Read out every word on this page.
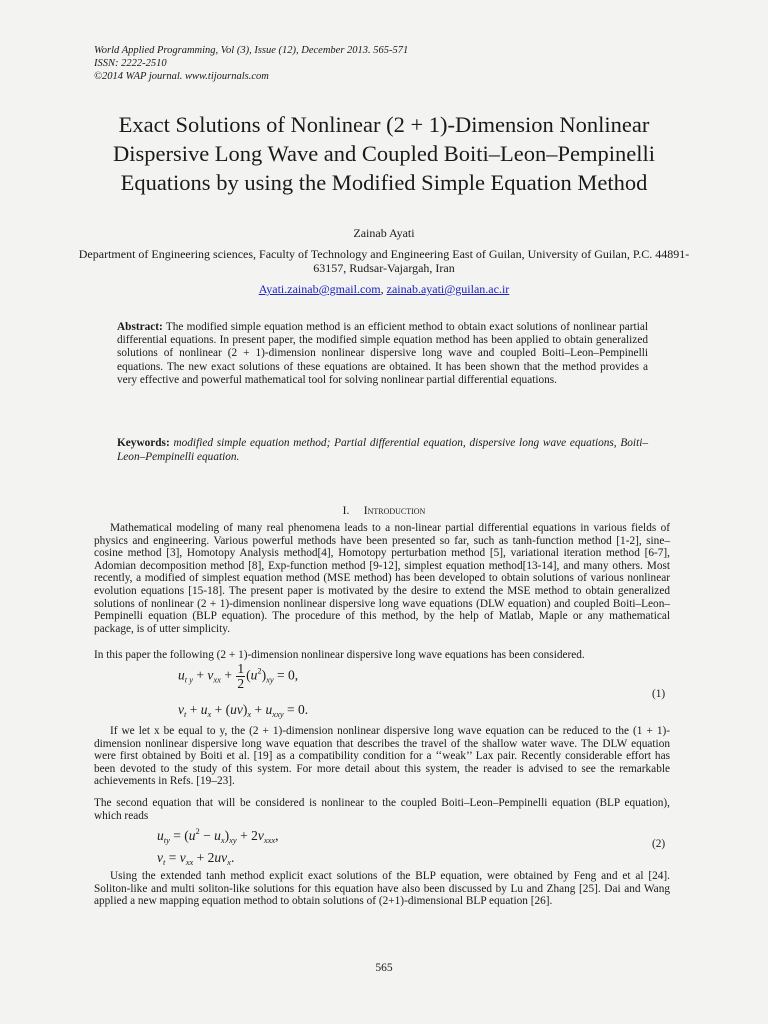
World Applied Programming, Vol (3), Issue (12), December 2013. 565-571
ISSN: 2222-2510
©2014 WAP journal. www.tijournals.com
Exact Solutions of Nonlinear (2 + 1)-Dimension Nonlinear
Dispersive Long Wave and Coupled Boiti–Leon–Pempinelli
Equations by using the Modified Simple Equation Method
Zainab Ayati
Department of Engineering sciences, Faculty of Technology and Engineering East of Guilan, University of Guilan, P.C. 44891-63157, Rudsar-Vajargah, Iran
Ayati.zainab@gmail.com, zainab.ayati@guilan.ac.ir
Abstract: The modified simple equation method is an efficient method to obtain exact solutions of nonlinear partial differential equations. In present paper, the modified simple equation method has been applied to obtain generalized solutions of nonlinear (2 + 1)-dimension nonlinear dispersive long wave and coupled Boiti–Leon–Pempinelli equations. The new exact solutions of these equations are obtained. It has been shown that the method provides a very effective and powerful mathematical tool for solving nonlinear partial differential equations.
Keywords: modified simple equation method; Partial differential equation, dispersive long wave equations, Boiti–Leon–Pempinelli equation.
I. Introduction
Mathematical modeling of many real phenomena leads to a non-linear partial differential equations in various fields of physics and engineering. Various powerful methods have been presented so far, such as tanh-function method [1-2], sine–cosine method [3], Homotopy Analysis method[4], Homotopy perturbation method [5], variational iteration method [6-7], Adomian decomposition method [8], Exp-function method [9-12], simplest equation method[13-14], and many others. Most recently, a modified of simplest equation method (MSE method) has been developed to obtain solutions of various nonlinear evolution equations [15-18]. The present paper is motivated by the desire to extend the MSE method to obtain generalized solutions of nonlinear (2 + 1)-dimension nonlinear dispersive long wave equations (DLW equation) and coupled Boiti–Leon–Pempinelli equation (BLP equation). The procedure of this method, by the help of Matlab, Maple or any mathematical package, is of utter simplicity.
In this paper the following (2 + 1)-dimension nonlinear dispersive long wave equations has been considered.
$u_{t y} + v_{xx} + \frac{1}{2} (u^2)_{xy} = 0$,
$v_t + u_x + (uv)_x + u_{xxy} = 0$.
(1)
If we let x be equal to y, the (2 + 1)-dimension nonlinear dispersive long wave equation can be reduced to the (1 + 1)-dimension nonlinear dispersive long wave equation that describes the travel of the shallow water wave. The DLW equation were first obtained by Boiti et al. [19] as a compatibility condition for a ‘‘weak’’ Lax pair. Recently considerable effort has been devoted to the study of this system. For more detail about this system, the reader is advised to see the remarkable achievements in Refs. [19–23].
The second equation that will be considered is nonlinear to the coupled Boiti–Leon–Pempinelli equation (BLP equation), which reads
$u_{ty} = (u^2 - u_x)_{xy} + 2v_{xxx}$,
$v_t = v_{xx} + 2uv_x$.
(2)
Using the extended tanh method explicit exact solutions of the BLP equation, were obtained by Feng and et al [24]. Soliton-like and multi soliton-like solutions for this equation have also been discussed by Lu and Zhang [25]. Dai and Wang applied a new mapping equation method to obtain solutions of (2+1)-dimensional BLP equation [26].
565
